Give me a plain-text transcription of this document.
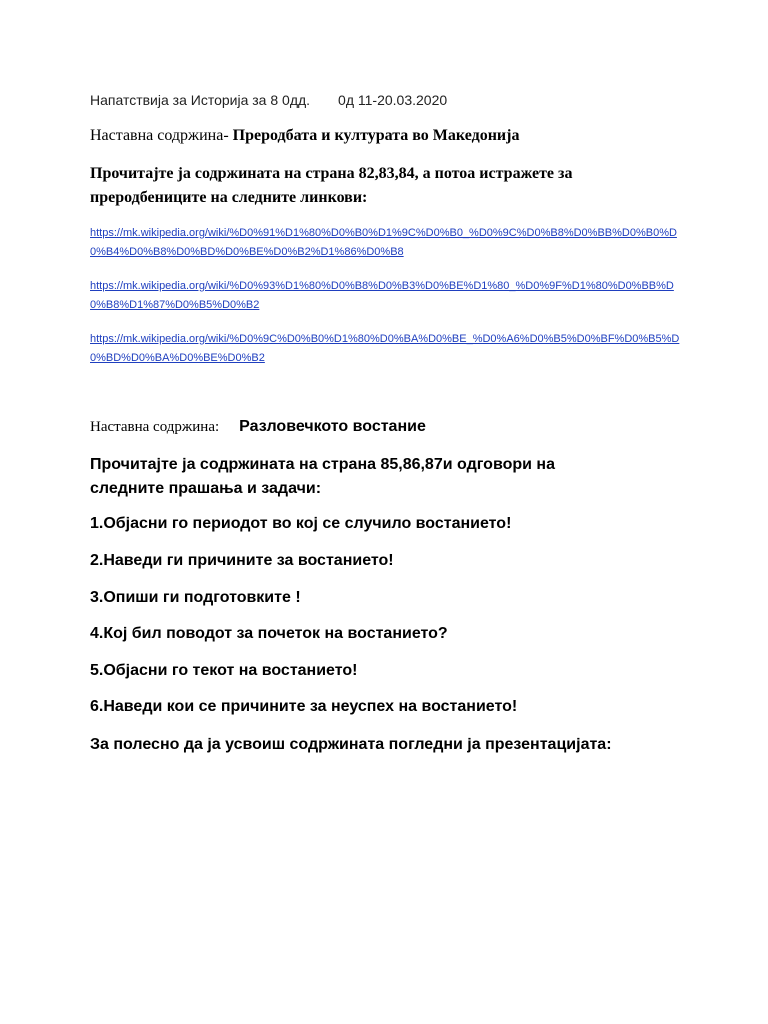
Напатствија за Историја за 8 0дд. 0д 11-20.03.2020
Наставна содржина- Преродбата и културата во Македонија
Прочитајте ја содржината на страна 82,83,84, а потоа истражете за преродбениците на следните линкови:
https://mk.wikipedia.org/wiki/%D0%91%D1%80%D0%B0%D1%9C%D0%B0_%D0%9C%D0%B8%D0%BB%D0%B0%D0%B4%D0%B8%D0%BD%D0%BE%D0%B2%D1%86%D0%B8
https://mk.wikipedia.org/wiki/%D0%93%D1%80%D0%B8%D0%B3%D0%BE%D1%80_%D0%9F%D1%80%D0%BB%D0%B8%D1%87%D0%B5%D0%B2
https://mk.wikipedia.org/wiki/%D0%9C%D0%B0%D1%80%D0%BA%D0%BE_%D0%A6%D0%B5%D0%BF%D0%B5%D0%BD%D0%BA%D0%BE%D0%B2
Наставна содржина: Разловечкото востание
Прочитајте ја содржината на страна 85,86,87и одговори на следните прашања и задачи:
1.Објасни го периодот во кој се случило востанието!
2.Наведи ги причините за востанието!
3.Опиши ги подготовките !
4.Кој бил поводот за почеток на востанието?
5.Објасни го текот на востанието!
6.Наведи кои се причините за неуспех на востанието!
За полесно да ја усвоиш содржината погледни ја презентацијата:
